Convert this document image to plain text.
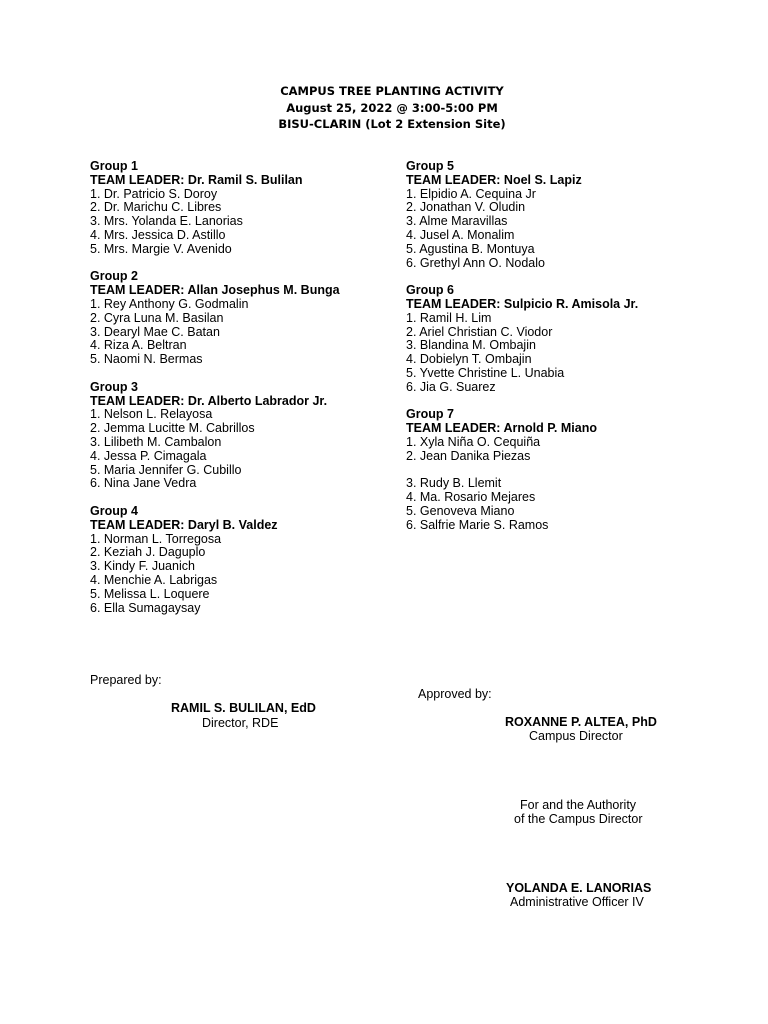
CAMPUS TREE PLANTING ACTIVITY
August 25, 2022 @ 3:00-5:00 PM
BISU-CLARIN (Lot 2 Extension Site)
Group 1
TEAM LEADER: Dr. Ramil S. Bulilan
1. Dr. Patricio S. Doroy
2. Dr. Marichu C. Libres
3. Mrs. Yolanda E. Lanorias
4. Mrs. Jessica D. Astillo
5. Mrs. Margie V. Avenido
Group 2
TEAM LEADER: Allan Josephus M. Bunga
1. Rey Anthony G. Godmalin
2. Cyra Luna M. Basilan
3. Dearyl Mae C. Batan
4. Riza A. Beltran
5. Naomi N. Bermas
Group 3
TEAM LEADER: Dr. Alberto Labrador Jr.
1. Nelson L. Relayosa
2. Jemma Lucitte M. Cabrillos
3. Lilibeth M. Cambalon
4. Jessa P. Cimagala
5. Maria Jennifer G. Cubillo
6. Nina Jane Vedra
Group 4
TEAM LEADER: Daryl B. Valdez
1. Norman L. Torregosa
2. Keziah J. Daguplo
3. Kindy F. Juanich
4. Menchie A. Labrigas
5. Melissa L. Loquere
6. Ella Sumagaysay
Group 5
TEAM LEADER: Noel S. Lapiz
1. Elpidio A. Cequina Jr
2. Jonathan V. Oludin
3. Alme Maravillas
4. Jusel A. Monalim
5. Agustina B. Montuya
6. Grethyl Ann O. Nodalo
Group 6
TEAM LEADER: Sulpicio R. Amisola Jr.
1. Ramil H. Lim
2. Ariel Christian C. Viodor
3. Blandina M. Ombajin
4. Dobielyn T. Ombajin
5. Yvette Christine L. Unabia
6. Jia G. Suarez
Group 7
TEAM LEADER: Arnold P. Miano
1. Xyla Niña O. Cequiña
2. Jean Danika Piezas
3. Rudy B. Llemit
4. Ma. Rosario Mejares
5. Genoveva Miano
6. Salfrie Marie S. Ramos
Prepared by:
RAMIL S. BULILAN, EdD
Director, RDE
Approved by:
ROXANNE P. ALTEA, PhD
Campus Director
For and the Authority
of the Campus Director
YOLANDA E. LANORIAS
Administrative Officer IV
